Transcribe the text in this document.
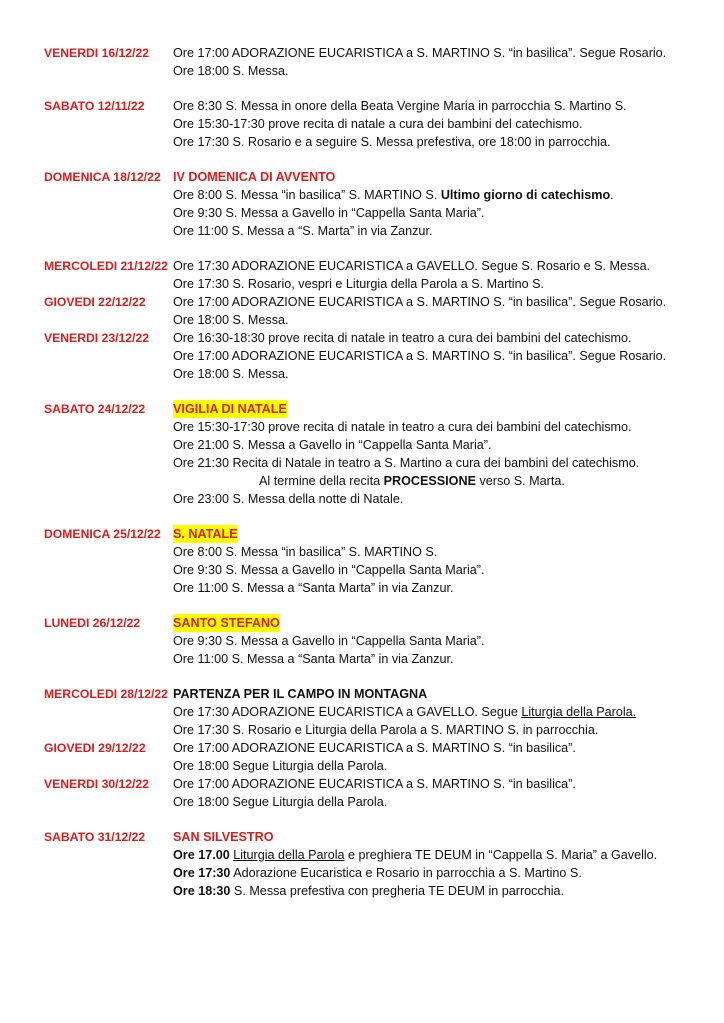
VENERDI 16/12/22 Ore 17:00 ADORAZIONE EUCARISTICA a S. MARTINO S. “in basilica”. Segue Rosario.
Ore 18:00 S. Messa.
SABATO 12/11/22 Ore 8:30 S. Messa in onore della Beata Vergine Maria in parrocchia S. Martino S.
Ore 15:30-17:30 prove recita di natale a cura dei bambini del catechismo.
Ore 17:30 S. Rosario e a seguire S. Messa prefestiva, ore 18:00 in parrocchia.
DOMENICA 18/12/22 IV DOMENICA DI AVVENTO
Ore 8:00 S. Messa “in basilica” S. MARTINO S. Ultimo giorno di catechismo.
Ore 9:30 S. Messa a Gavello in “Cappella Santa Maria”.
Ore 11:00 S. Messa a “S. Marta” in via Zanzur.
MERCOLEDI 21/12/22 Ore 17:30 ADORAZIONE EUCARISTICA a GAVELLO. Segue S. Rosario e S. Messa.
Ore 17:30 S. Rosario, vespri e Liturgia della Parola a S. Martino S.
GIOVEDI 22/12/22 Ore 17:00 ADORAZIONE EUCARISTICA a S. MARTINO S. “in basilica”. Segue Rosario.
Ore 18:00 S. Messa.
VENERDI 23/12/22 Ore 16:30-18:30 prove recita di natale in teatro a cura dei bambini del catechismo.
Ore 17:00 ADORAZIONE EUCARISTICA a S. MARTINO S. “in basilica”. Segue Rosario.
Ore 18:00 S. Messa.
SABATO 24/12/22 VIGILIA DI NATALE
Ore 15:30-17:30 prove recita di natale in teatro a cura dei bambini del catechismo.
Ore 21:00 S. Messa a Gavello in “Cappella Santa Maria”.
Ore 21:30 Recita di Natale in teatro a S. Martino a cura dei bambini del catechismo.
Al termine della recita PROCESSIONE verso S. Marta.
Ore 23:00 S. Messa della notte di Natale.
DOMENICA 25/12/22 S. NATALE
Ore 8:00 S. Messa “in basilica” S. MARTINO S.
Ore 9:30 S. Messa a Gavello in “Cappella Santa Maria”.
Ore 11:00 S. Messa a “Santa Marta” in via Zanzur.
LUNEDI 26/12/22	SANTO STEFANO
Ore 9:30 S. Messa a Gavello in “Cappella Santa Maria”.
Ore 11:00 S. Messa a “Santa Marta” in via Zanzur.
MERCOLEDI 28/12/22 PARTENZA PER IL CAMPO IN MONTAGNA
Ore 17:30 ADORAZIONE EUCARISTICA a GAVELLO. Segue Liturgia della Parola.
Ore 17:30 S. Rosario e Liturgia della Parola a S. MARTINO S. in parrocchia.
GIOVEDI 29/12/22 Ore 17:00 ADORAZIONE EUCARISTICA a S. MARTINO S. “in basilica”.
Ore 18:00 Segue Liturgia della Parola.
VENERDI 30/12/22 Ore 17:00 ADORAZIONE EUCARISTICA a S. MARTINO S. “in basilica”.
Ore 18:00 Segue Liturgia della Parola.
SABATO 31/12/22 SAN SILVESTRO
Ore 17.00 Liturgia della Parola e preghiera TE DEUM in “Cappella S. Maria” a Gavello.
Ore 17:30 Adorazione Eucaristica e Rosario in parrocchia a S. Martino S.
Ore 18:30 S. Messa prefestiva con pregheria TE DEUM in parrocchia.
